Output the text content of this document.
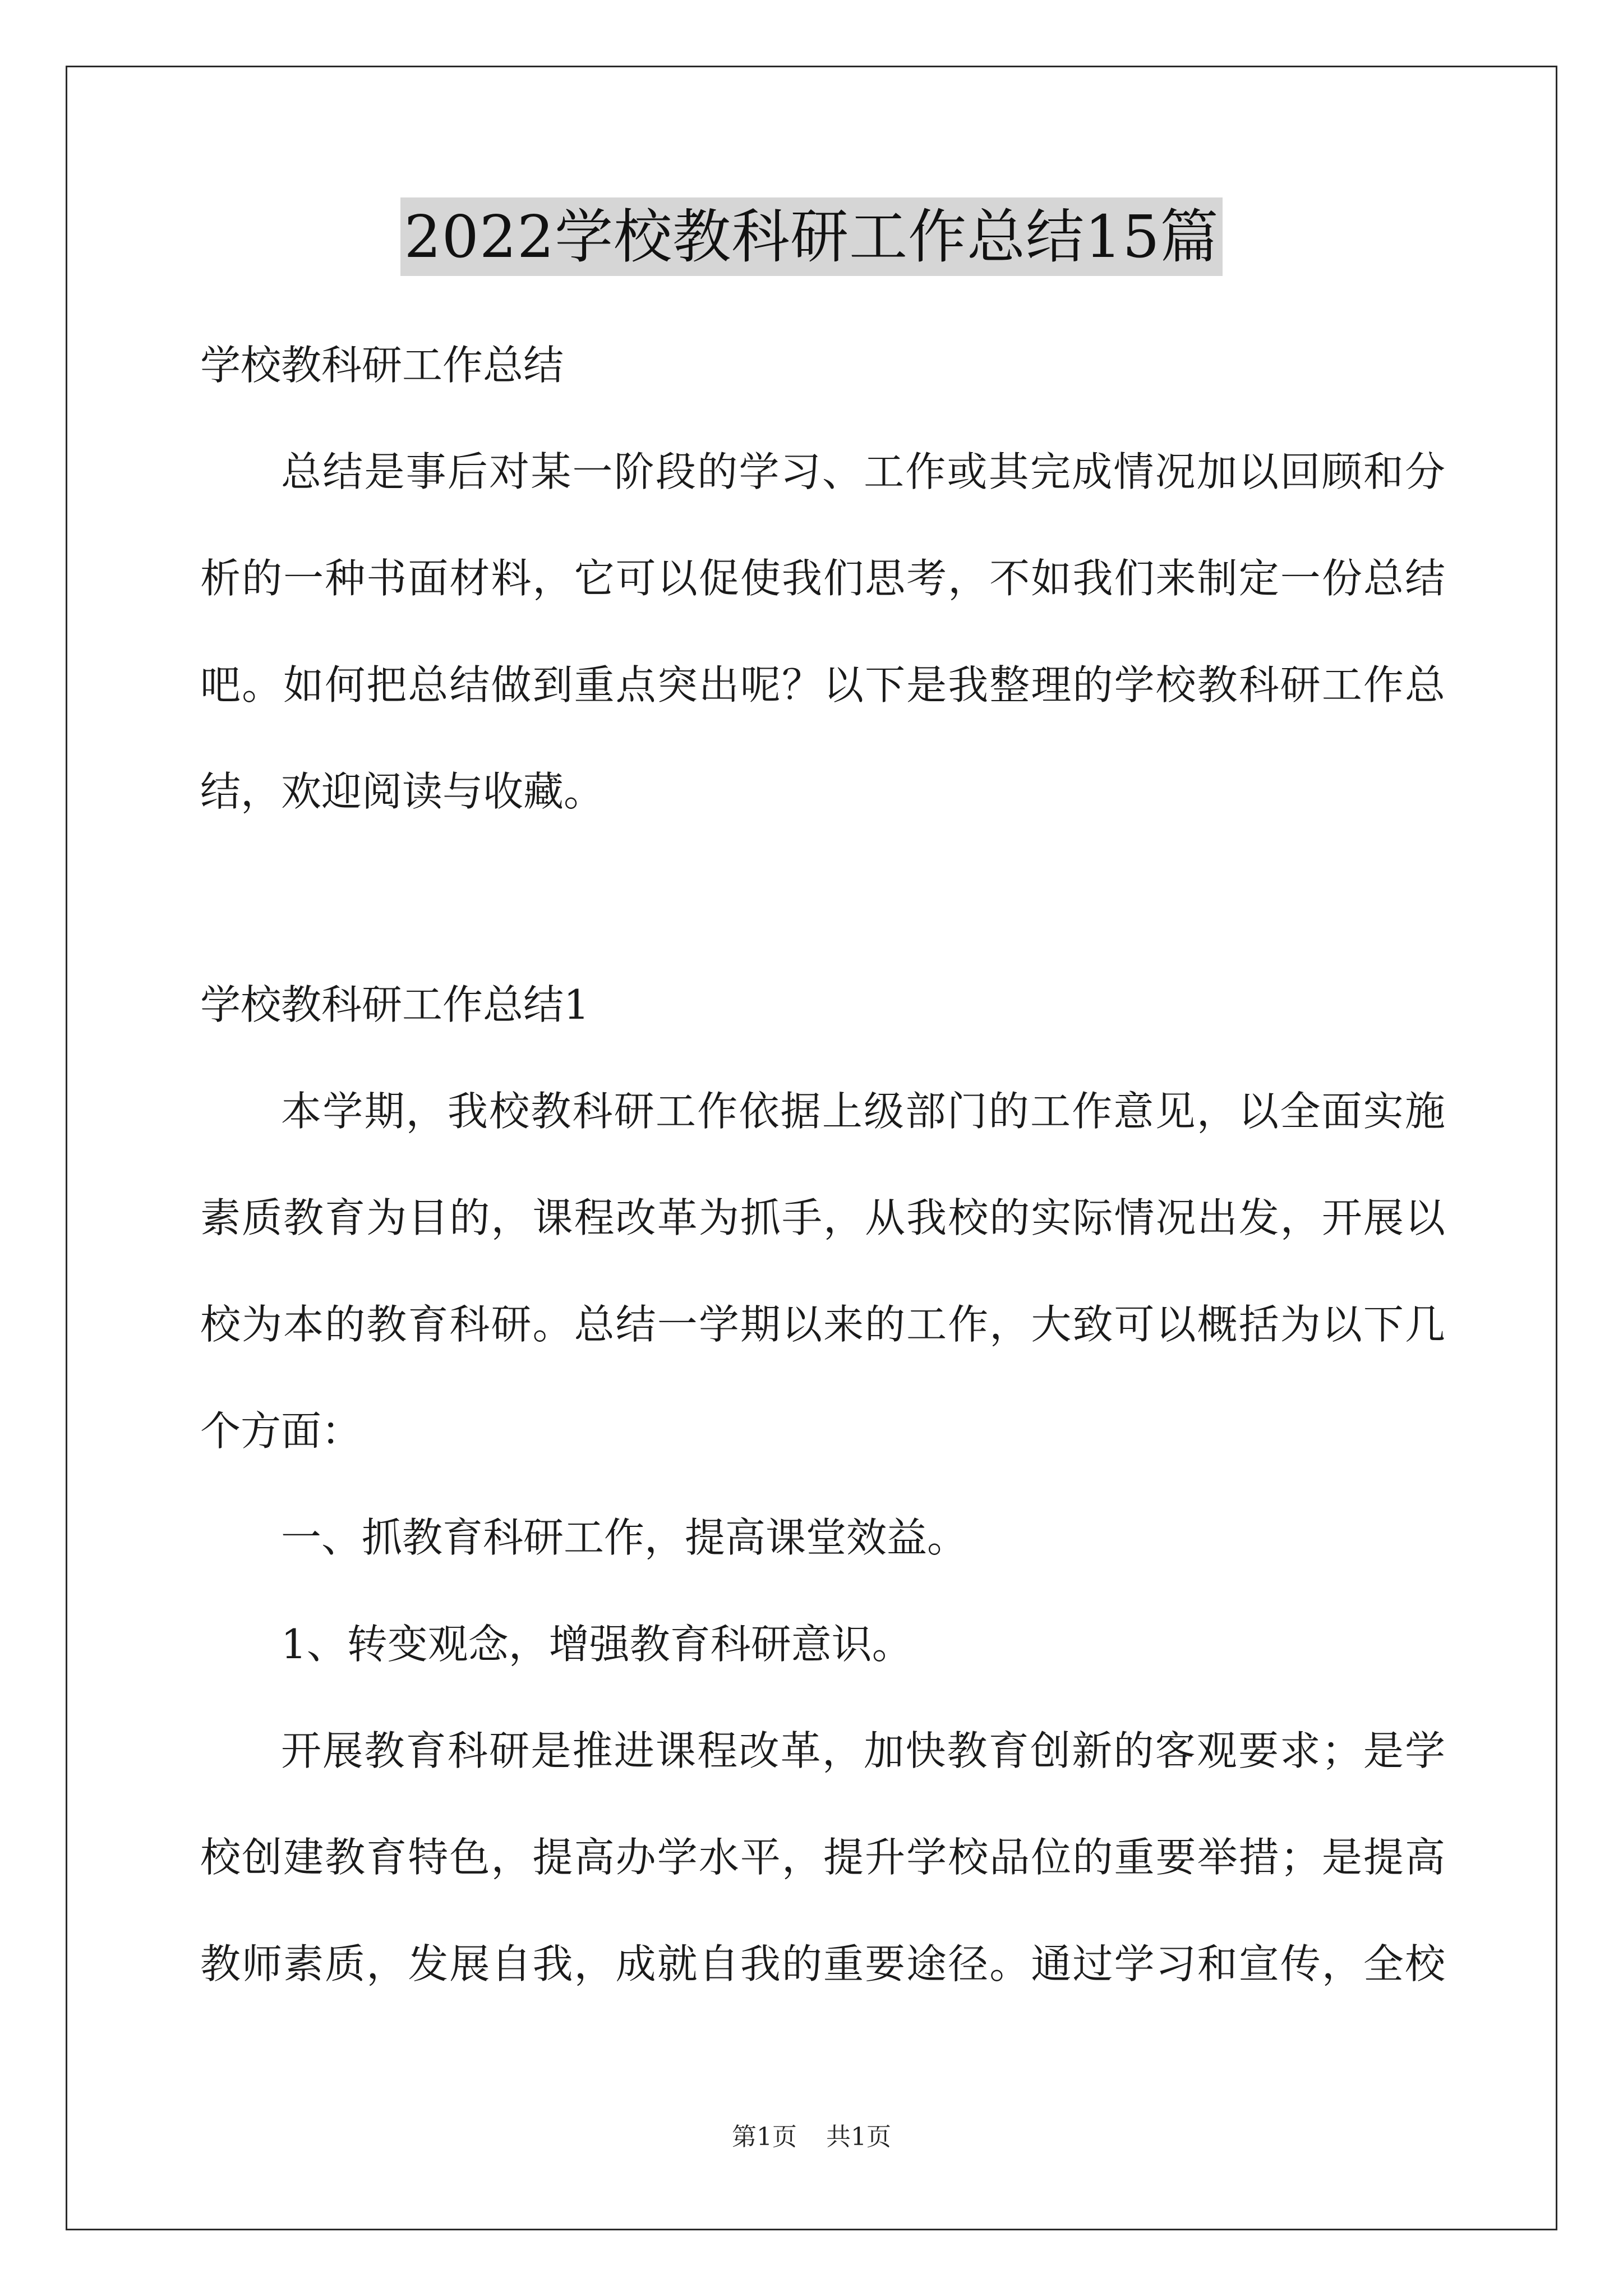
2022学校教科研工作总结15篇
学校教科研工作总结
总结是事后对某一阶段的学习、工作或其完成情况加以回顾和分
析的一种书面材料，它可以促使我们思考，不如我们来制定一份总结
吧。如何把总结做到重点突出呢？以下是我整理的学校教科研工作总
结，欢迎阅读与收藏。
学校教科研工作总结1
本学期，我校教科研工作依据上级部门的工作意见，以全面实施
素质教育为目的，课程改革为抓手，从我校的实际情况出发，开展以
校为本的教育科研。总结一学期以来的工作，大致可以概括为以下几
个方面：
一、抓教育科研工作，提高课堂效益。
1、转变观念，增强教育科研意识。
开展教育科研是推进课程改革，加快教育创新的客观要求；是学
校创建教育特色，提高办学水平，提升学校品位的重要举措；是提高
教师素质，发展自我，成就自我的重要途径。通过学习和宣传，全校
第1页 共1页
